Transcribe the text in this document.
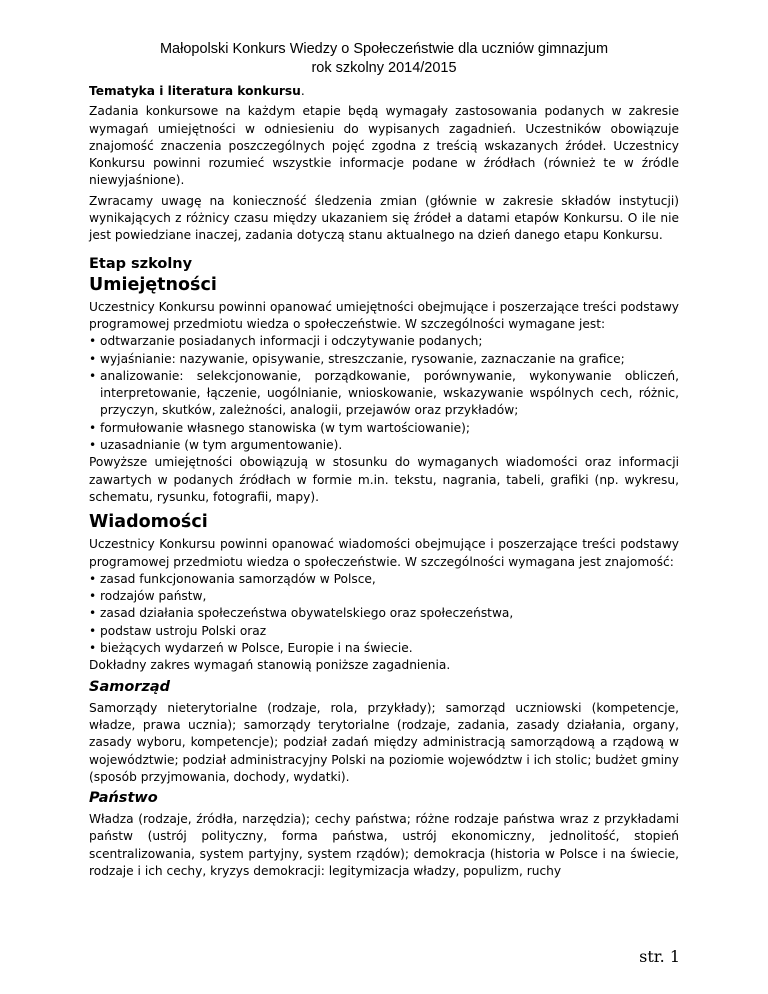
Małopolski Konkurs Wiedzy o Społeczeństwie dla uczniów gimnazjum
rok szkolny 2014/2015

Tematyka i literatura konkursu.

Zadania konkursowe na każdym etapie będą wymagały zastosowania podanych w zakresie wymagań umiejętności w odniesieniu do wypisanych zagadnień. Uczestników obowiązuje znajomość znaczenia poszczególnych pojęć zgodna z treścią wskazanych źródeł. Uczestnicy Konkursu powinni rozumieć wszystkie informacje podane w źródłach (również te w źródle niewyjaśnione).

Zwracamy uwagę na konieczność śledzenia zmian (głównie w zakresie składów instytucji) wynikających z różnicy czasu między ukazaniem się źródeł a datami etapów Konkursu. O ile nie jest powiedziane inaczej, zadania dotyczą stanu aktualnego na dzień danego etapu Konkursu.

Etap szkolny
Umiejętności

Uczestnicy Konkursu powinni opanować umiejętności obejmujące i poszerzające treści podstawy programowej przedmiotu wiedza o społeczeństwie. W szczególności wymagane jest:

• odtwarzanie posiadanych informacji i odczytywanie podanych;
• wyjaśnianie: nazywanie, opisywanie, streszczanie, rysowanie, zaznaczanie na grafice;
• analizowanie: selekcjonowanie, porządkowanie, porównywanie, wykonywanie obliczeń, interpretowanie, łączenie, uogólnianie, wnioskowanie, wskazywanie wspólnych cech, różnic, przyczyn, skutków, zależności, analogii, przejawów oraz przykładów;
• formułowanie własnego stanowiska (w tym wartościowanie);
• uzasadnianie (w tym argumentowanie).

Powyższe umiejętności obowiązują w stosunku do wymaganych wiadomości oraz informacji zawartych w podanych źródłach w formie m.in. tekstu, nagrania, tabeli, grafiki (np. wykresu, schematu, rysunku, fotografii, mapy).

Wiadomości

Uczestnicy Konkursu powinni opanować wiadomości obejmujące i poszerzające treści podstawy programowej przedmiotu wiedza o społeczeństwie. W szczególności wymagana jest znajomość:

• zasad funkcjonowania samorządów w Polsce,
• rodzajów państw,
• zasad działania społeczeństwa obywatelskiego oraz społeczeństwa,
• podstaw ustroju Polski oraz
• bieżących wydarzeń w Polsce, Europie i na świecie.

Dokładny zakres wymagań stanowią poniższe zagadnienia.

Samorząd

Samorządy nieterytorialne (rodzaje, rola, przykłady); samorząd uczniowski (kompetencje, władze, prawa ucznia); samorządy terytorialne (rodzaje, zadania, zasady działania, organy, zasady wyboru, kompetencje); podział zadań między administracją samorządową a rządową w województwie; podział administracyjny Polski na poziomie województw i ich stolic; budżet gminy (sposób przyjmowania, dochody, wydatki).

Państwo

Władza (rodzaje, źródła, narzędzia); cechy państwa; różne rodzaje państwa wraz z przykładami państw (ustrój polityczny, forma państwa, ustrój ekonomiczny, jednolitość, stopień scentralizowania, system partyjny, system rządów); demokracja (historia w Polsce i na świecie, rodzaje i ich cechy, kryzys demokracji: legitymizacja władzy, populizm, ruchy

str. 1
